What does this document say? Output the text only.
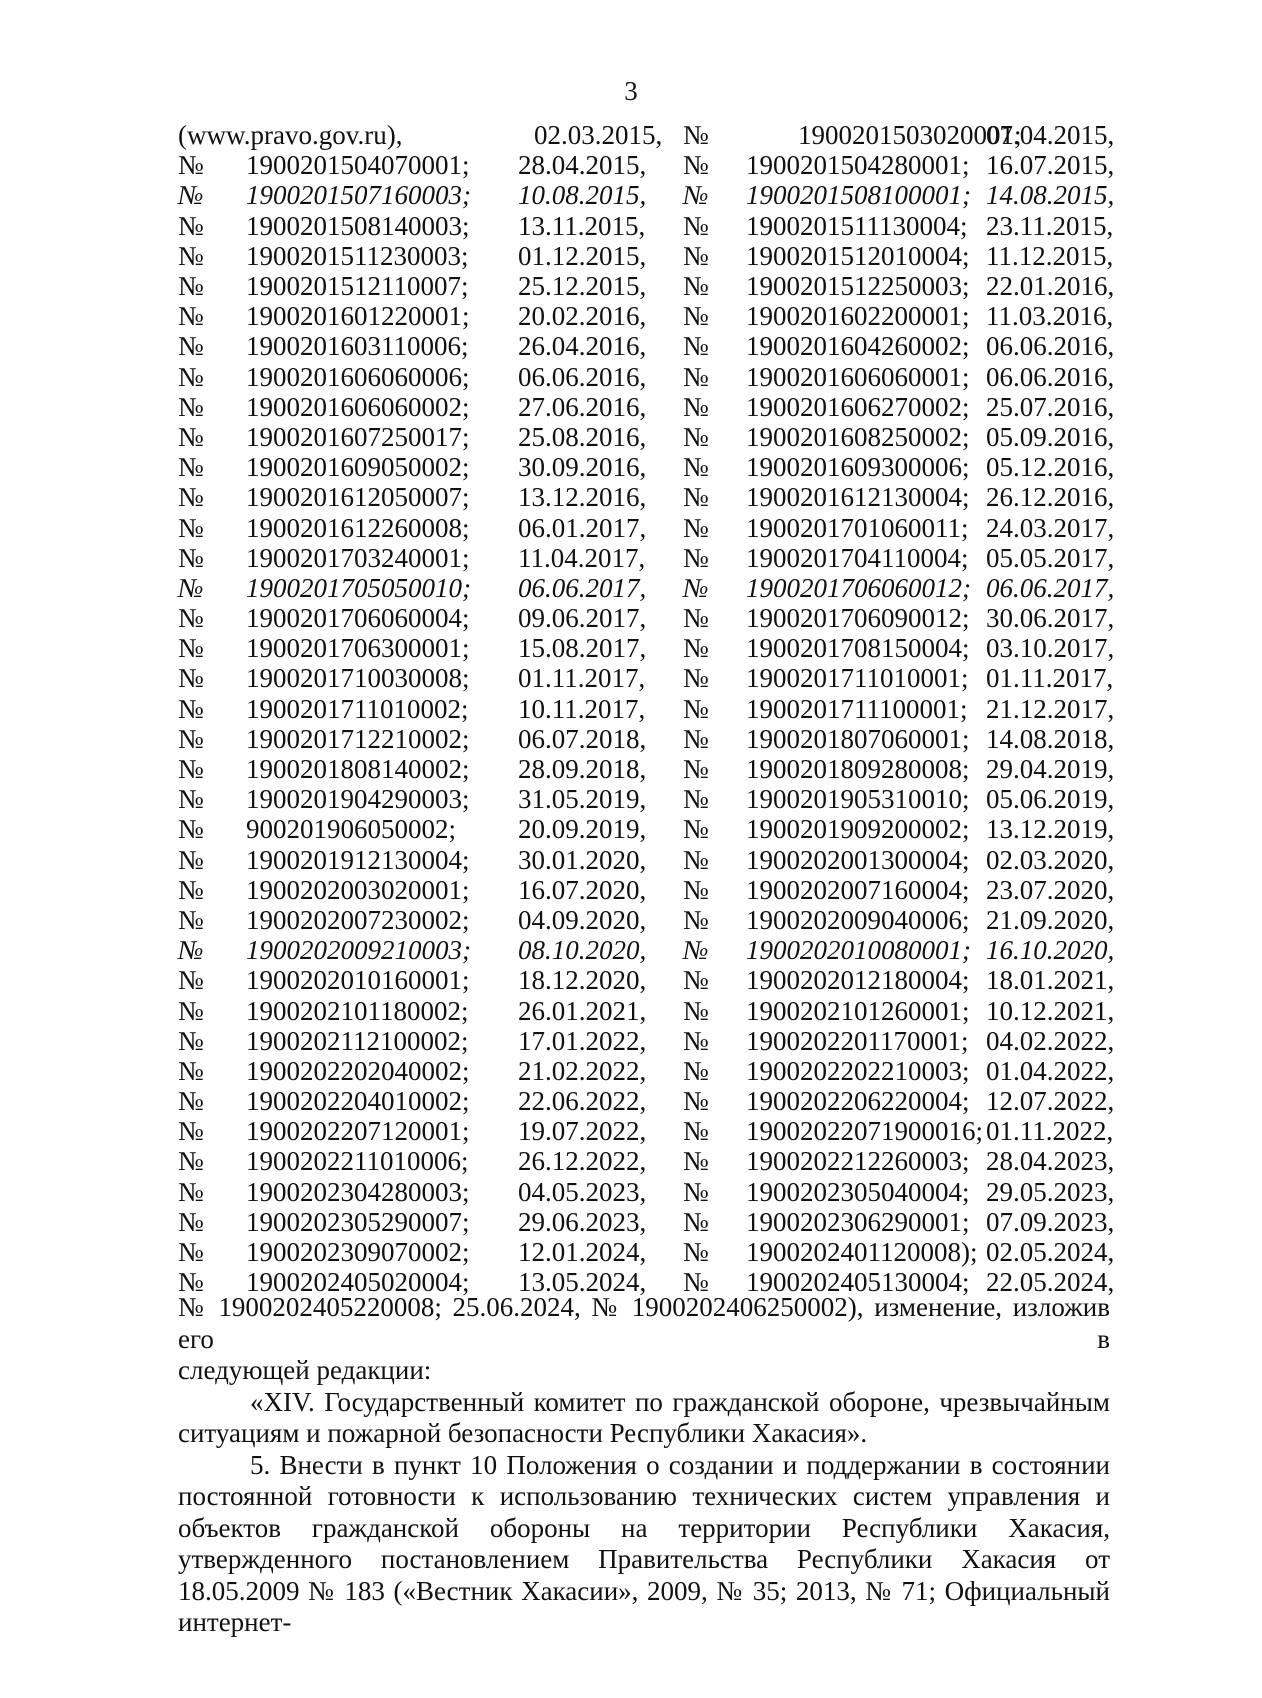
3
	(www.pravo.gov.ru),		02.03.2015,	№	1900201503020001;	07.04.2015,	
	№	1900201504070001;	28.04.2015,	№	1900201504280001;	16.07.2015,	
	№	1900201507160003;	10.08.2015,	№	1900201508100001;	14.08.2015,	
	№	1900201508140003;	13.11.2015,	№	1900201511130004;	23.11.2015,	
	№	1900201511230003;	01.12.2015,	№	1900201512010004;	11.12.2015,	
	№	1900201512110007;	25.12.2015,	№	1900201512250003;	22.01.2016,	
	№	1900201601220001;	20.02.2016,	№	1900201602200001;	11.03.2016,	
	№	1900201603110006;	26.04.2016,	№	1900201604260002;	06.06.2016,	
	№	1900201606060006;	06.06.2016,	№	1900201606060001;	06.06.2016,	
	№	1900201606060002;	27.06.2016,	№	1900201606270002;	25.07.2016,	
	№	1900201607250017;	25.08.2016,	№	1900201608250002;	05.09.2016,	
	№	1900201609050002;	30.09.2016,	№	1900201609300006;	05.12.2016,	
	№	1900201612050007;	13.12.2016,	№	1900201612130004;	26.12.2016,	
	№	1900201612260008;	06.01.2017,	№	1900201701060011;	24.03.2017,	
	№	1900201703240001;	11.04.2017,	№	1900201704110004;	05.05.2017,	
	№	1900201705050010;	06.06.2017,	№	1900201706060012;	06.06.2017,	
	№	1900201706060004;	09.06.2017,	№	1900201706090012;	30.06.2017,	
	№	1900201706300001;	15.08.2017,	№	1900201708150004;	03.10.2017,	
	№	1900201710030008;	01.11.2017,	№	1900201711010001;	01.11.2017,	
	№	1900201711010002;	10.11.2017,	№	1900201711100001;	21.12.2017,	
	№	1900201712210002;	06.07.2018,	№	1900201807060001;	14.08.2018,	
	№	1900201808140002;	28.09.2018,	№	1900201809280008;	29.04.2019,	
	№	1900201904290003;	31.05.2019,	№	1900201905310010;	05.06.2019,	
	№	900201906050002;	20.09.2019,	№	1900201909200002;	13.12.2019,	
	№	1900201912130004;	30.01.2020,	№	1900202001300004;	02.03.2020,	
	№	1900202003020001;	16.07.2020,	№	1900202007160004;	23.07.2020,	
	№	1900202007230002;	04.09.2020,	№	1900202009040006;	21.09.2020,	
	№	1900202009210003;	08.10.2020,	№	1900202010080001;	16.10.2020,	
	№	1900202010160001;	18.12.2020,	№	1900202012180004;	18.01.2021,	
	№	1900202101180002;	26.01.2021,	№	1900202101260001;	10.12.2021,	
	№	1900202112100002;	17.01.2022,	№	1900202201170001;	04.02.2022,	
	№	1900202202040002;	21.02.2022,	№	1900202202210003;	01.04.2022,	
	№	1900202204010002;	22.06.2022,	№	1900202206220004;	12.07.2022,	
	№	1900202207120001;	19.07.2022,	№	19002022071900016;	01.11.2022,	
	№	1900202211010006;	26.12.2022,	№	1900202212260003;	28.04.2023,	
	№	1900202304280003;	04.05.2023,	№	1900202305040004;	29.05.2023,	
	№	1900202305290007;	29.06.2023,	№	1900202306290001;	07.09.2023,	
	№	1900202309070002;	12.01.2024,	№	1900202401120008);	02.05.2024,	
	№	1900202405020004;	13.05.2024,	№	1900202405130004;	22.05.2024,	

№ 1900202405220008; 25.06.2024, № 1900202406250002), изменение, изложив его в

следующей редакции:

«XIV. Государственный комитет по гражданской обороне, чрезвычайным ситуациям и пожарной безопасности Республики Хакасия».

5. Внести в пункт 10 Положения о создании и поддержании в состоянии постоянной готовности к использованию технических систем управления и объектов гражданской обороны на территории Республики Хакасия, утвержденного постановлением Правительства Республики Хакасия от 18.05.2009 № 183 («Вестник Хакасии», 2009, № 35; 2013, № 71; Официальный интернет-
